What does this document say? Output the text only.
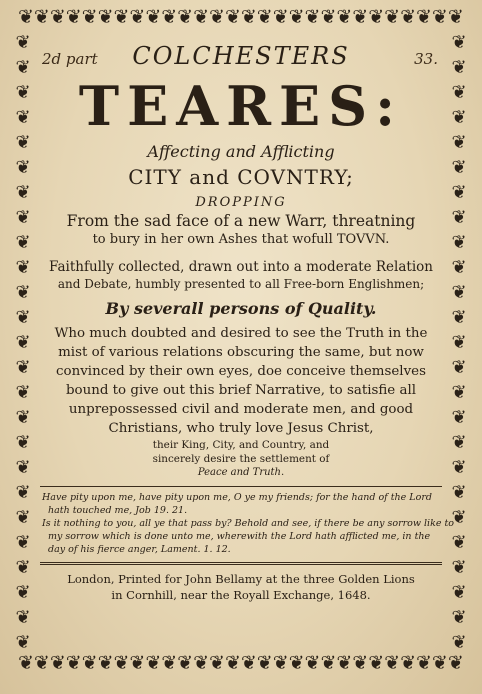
❦❦❦❦❦❦❦❦❦❦❦❦❦❦❦❦❦❦❦❦❦❦❦❦❦❦❦❦
❦❦❦❦❦❦❦❦❦❦❦❦❦❦❦❦❦❦❦❦❦❦❦❦❦❦❦❦
❦ ❦ ❦ ❦ ❦ ❦ ❦ ❦ ❦ ❦ ❦ ❦ ❦ ❦ ❦ ❦ ❦ ❦ ❦ ❦ ❦ ❦ ❦ ❦ ❦
❦ ❦ ❦ ❦ ❦ ❦ ❦ ❦ ❦ ❦ ❦ ❦ ❦ ❦ ❦ ❦ ❦ ❦ ❦ ❦ ❦ ❦ ❦ ❦ ❦
2d part	COLCHESTERS	33.
TEARES:
Affecting and Afflicting
CITY and COVNTRY;
DROPPING
From the sad face of a new Warr, threatning
to bury in her own Ashes that wofull TOVVN.
Faithfully collected, drawn out into a moderate Relation
and Debate, humbly presented to all Free-born Englishmen;
By severall persons of Quality.
Who much doubted and desired to see the Truth in the
mist of various relations obscuring the same, but now
convinced by their own eyes, doe conceive themselves
bound to give out this brief Narrative, to satisfie all
unprepossessed civil and moderate men, and good
Christians, who truly love Jesus Christ,
their King, City, and Country, and
sincerely desire the settlement of
Peace and Truth.
Have pity upon me, have pity upon me, O ye my friends; for the hand of the Lord
hath touched me, Job 19. 21.
Is it nothing to you, all ye that pass by? Behold and see, if there be any sorrow like to
my sorrow which is done unto me, wherewith the Lord hath afflicted me, in the
day of his fierce anger, Lament. 1. 12.
London, Printed for John Bellamy at the three Golden Lions
in Cornhill, near the Royall Exchange, 1648.
